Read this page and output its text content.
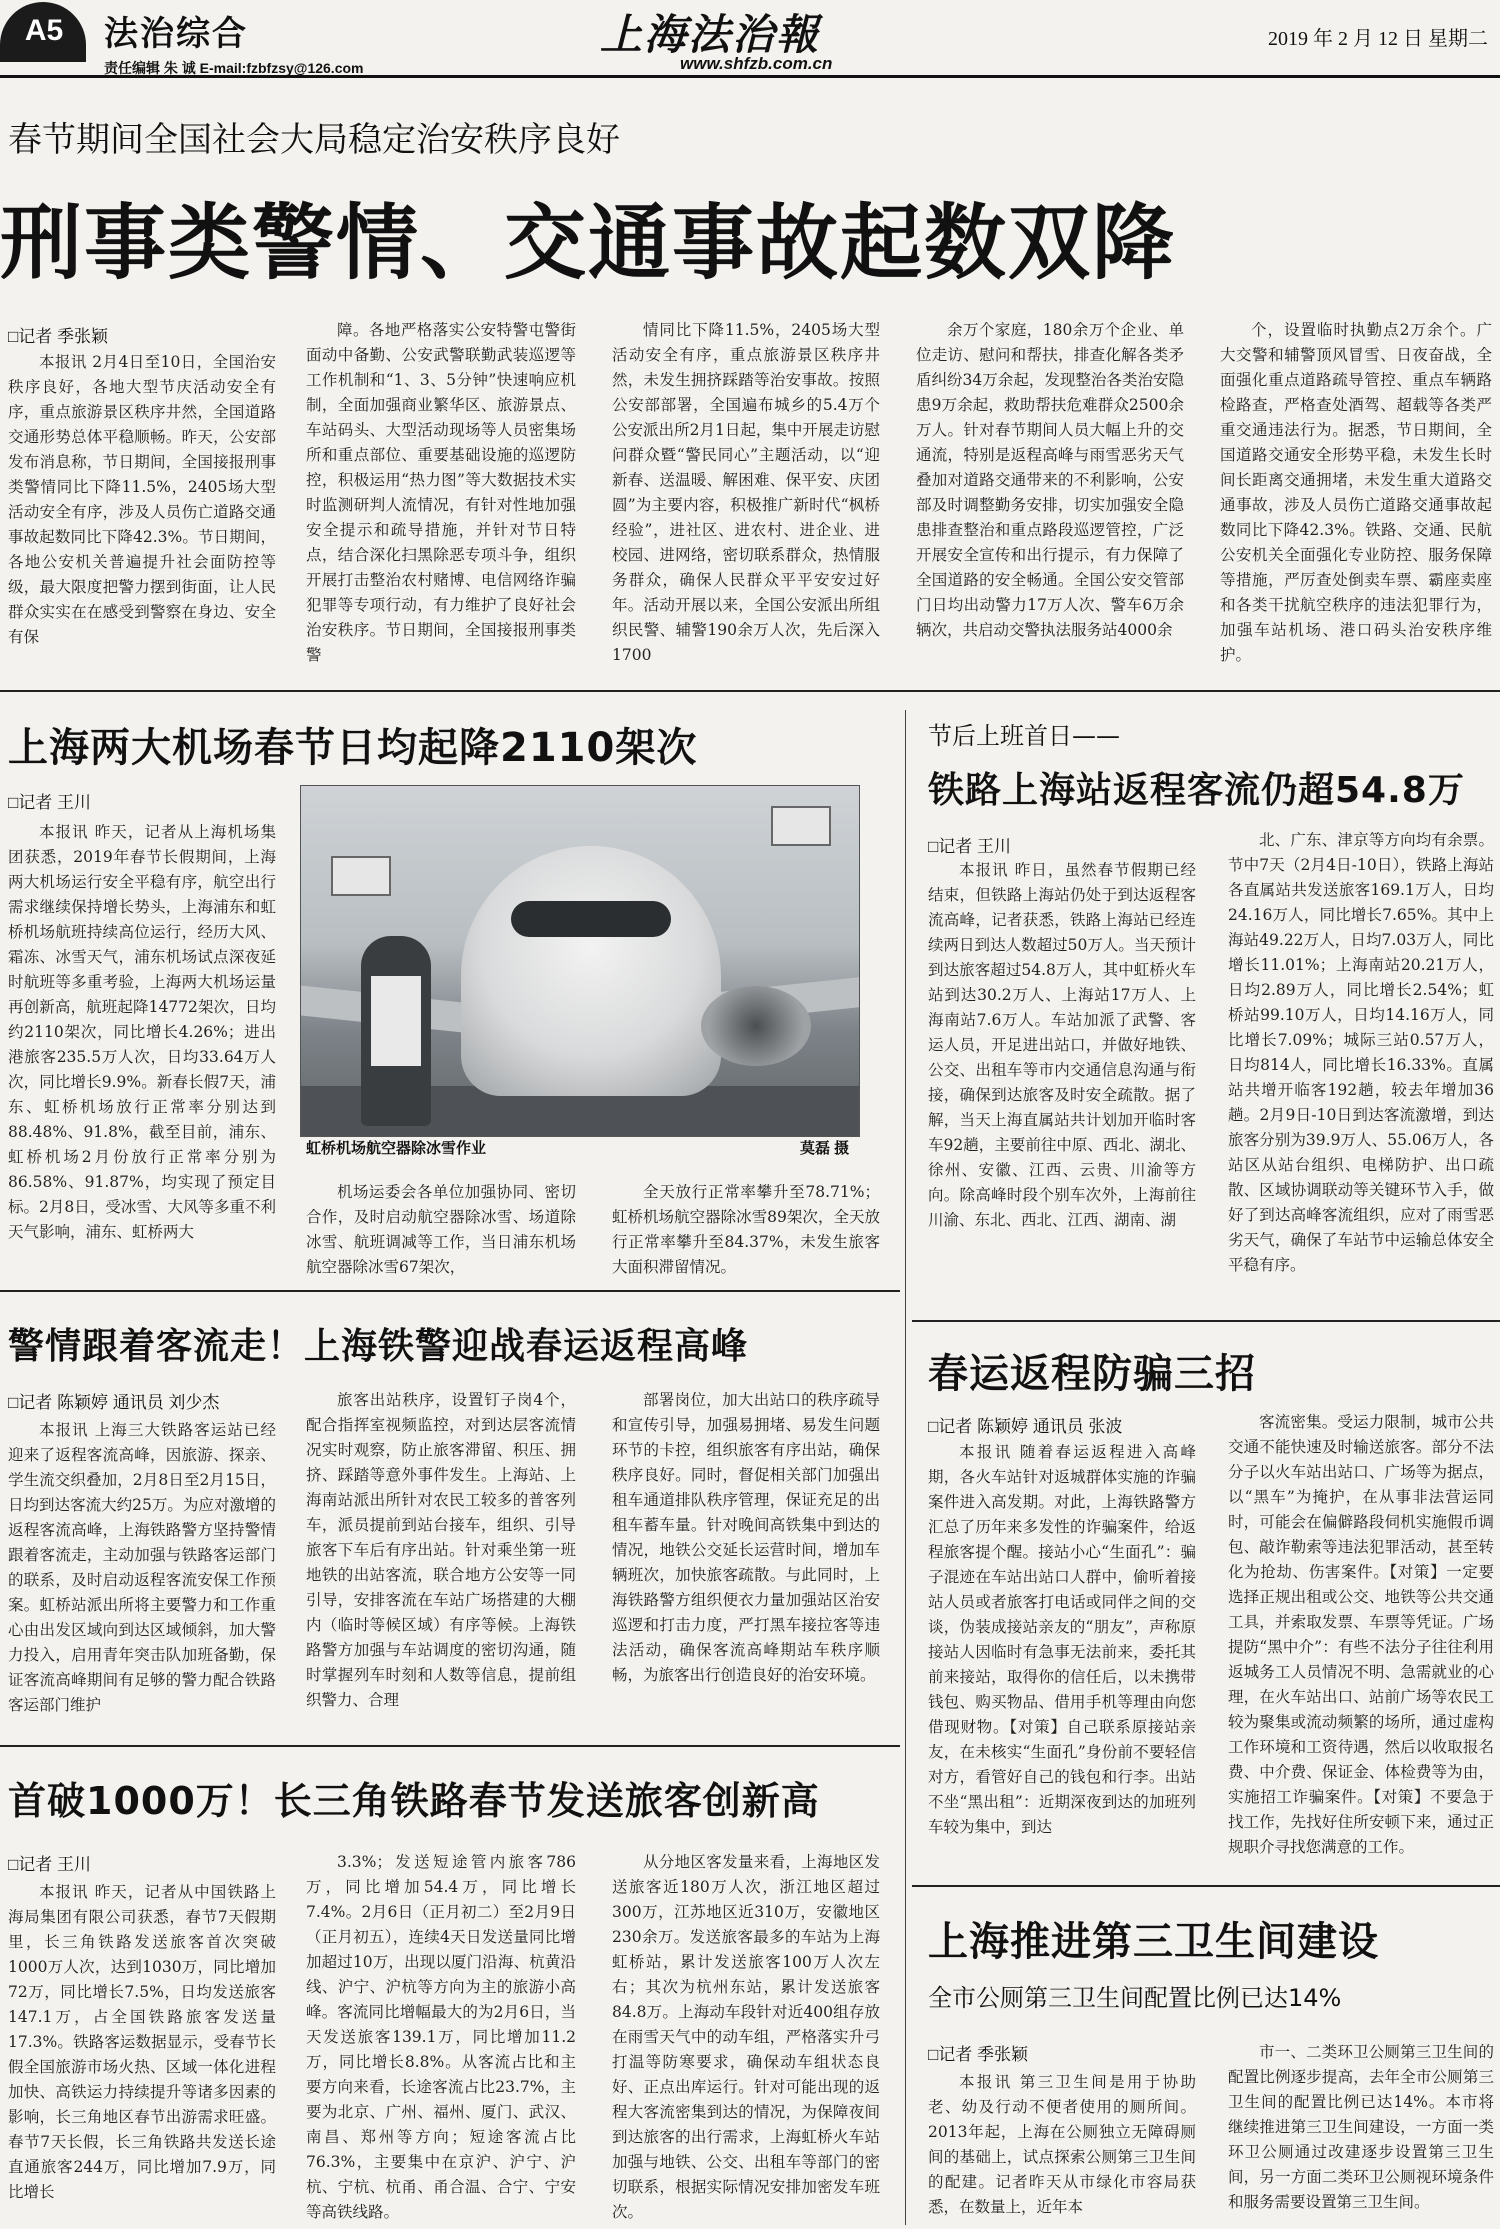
A5	法治综合
责任编辑 朱 诚 E-mail:fzbfzsy@126.com
上海法治報
www.shfzb.com.cn
2019 年 2 月 12 日 星期二
春节期间全国社会大局稳定治安秩序良好
刑事类警情、交通事故起数双降
□记者 季张颖

本报讯 2月4日至10日，全国治安秩序良好，各地大型节庆活动安全有序，重点旅游景区秩序井然，全国道路交通形势总体平稳顺畅。昨天，公安部发布消息称，节日期间，全国接报刑事类警情同比下降11.5%，2405场大型活动安全有序，涉及人员伤亡道路交通事故起数同比下降42.3%。节日期间，各地公安机关普遍提升社会面防控等级，最大限度把警力摆到街面，让人民群众实实在在感受到警察在身边、安全有保

障。各地严格落实公安特警屯警街面动中备勤、公安武警联勤武装巡逻等工作机制和“1、3、5分钟”快速响应机制，全面加强商业繁华区、旅游景点、车站码头、大型活动现场等人员密集场所和重点部位、重要基础设施的巡逻防控，积极运用“热力图”等大数据技术实时监测研判人流情况，有针对性地加强安全提示和疏导措施，并针对节日特点，结合深化扫黑除恶专项斗争，组织开展打击整治农村赌博、电信网络诈骗犯罪等专项行动，有力维护了良好社会治安秩序。节日期间，全国接报刑事类警

情同比下降11.5%，2405场大型活动安全有序，重点旅游景区秩序井然，未发生拥挤踩踏等治安事故。按照公安部部署，全国遍布城乡的5.4万个公安派出所2月1日起，集中开展走访慰问群众暨“警民同心”主题活动，以“迎新春、送温暖、解困难、保平安、庆团圆”为主要内容，积极推广新时代“枫桥经验”，进社区、进农村、进企业、进校园、进网络，密切联系群众，热情服务群众，确保人民群众平平安安过好年。活动开展以来，全国公安派出所组织民警、辅警190余万人次，先后深入1700

余万个家庭，180余万个企业、单位走访、慰问和帮扶，排查化解各类矛盾纠纷34万余起，发现整治各类治安隐患9万余起，救助帮扶危难群众2500余万人。针对春节期间人员大幅上升的交通流，特别是返程高峰与雨雪恶劣天气叠加对道路交通带来的不利影响，公安部及时调整勤务安排，切实加强安全隐患排查整治和重点路段巡逻管控，广泛开展安全宣传和出行提示，有力保障了全国道路的安全畅通。全国公安交管部门日均出动警力17万人次、警车6万余辆次，共启动交警执法服务站4000余

个，设置临时执勤点2万余个。广大交警和辅警顶风冒雪、日夜奋战，全面强化重点道路疏导管控、重点车辆路检路查，严格查处酒驾、超载等各类严重交通违法行为。据悉，节日期间，全国道路交通安全形势平稳，未发生长时间长距离交通拥堵，未发生重大道路交通事故，涉及人员伤亡道路交通事故起数同比下降42.3%。铁路、交通、民航公安机关全面强化专业防控、服务保障等措施，严厉查处倒卖车票、霸座卖座和各类干扰航空秩序的违法犯罪行为，加强车站机场、港口码头治安秩序维护。

上海两大机场春节日均起降2110架次
□记者 王川

本报讯 昨天，记者从上海机场集团获悉，2019年春节长假期间，上海两大机场运行安全平稳有序，航空出行需求继续保持增长势头，上海浦东和虹桥机场航班持续高位运行，经历大风、霜冻、冰雪天气，浦东机场试点深夜延时航班等多重考验，上海两大机场运量再创新高，航班起降14772架次，日均约2110架次，同比增长4.26%；进出港旅客235.5万人次，日均33.64万人次，同比增长9.9%。新春长假7天，浦东、虹桥机场放行正常率分别达到88.48%、91.8%，截至目前，浦东、虹桥机场2月份放行正常率分别为86.58%、91.87%，均实现了预定目标。2月8日，受冰雪、大风等多重不利天气影响，浦东、虹桥两大

虹桥机场航空器除冰雪作业	莫磊 摄

机场运委会各单位加强协同、密切合作，及时启动航空器除冰雪、场道除冰雪、航班调减等工作，当日浦东机场航空器除冰雪67架次，

全天放行正常率攀升至78.71%；虹桥机场航空器除冰雪89架次，全天放行正常率攀升至84.37%，未发生旅客大面积滞留情况。

节后上班首日——
铁路上海站返程客流仍超54.8万
□记者 王川

本报讯 昨日，虽然春节假期已经结束，但铁路上海站仍处于到达返程客流高峰，记者获悉，铁路上海站已经连续两日到达人数超过50万人。当天预计到达旅客超过54.8万人，其中虹桥火车站到达30.2万人、上海站17万人、上海南站7.6万人。车站加派了武警、客运人员，开足进出站口，并做好地铁、公交、出租车等市内交通信息沟通与衔接，确保到达旅客及时安全疏散。据了解，当天上海直属站共计划加开临时客车92趟，主要前往中原、西北、湖北、徐州、安徽、江西、云贵、川渝等方向。除高峰时段个别车次外，上海前往川渝、东北、西北、江西、湖南、湖

北、广东、津京等方向均有余票。节中7天（2月4日-10日），铁路上海站各直属站共发送旅客169.1万人，日均24.16万人，同比增长7.65%。其中上海站49.22万人，日均7.03万人，同比增长11.01%；上海南站20.21万人，日均2.89万人，同比增长2.54%；虹桥站99.10万人，日均14.16万人，同比增长7.09%；城际三站0.57万人，日均814人，同比增长16.33%。直属站共增开临客192趟，较去年增加36趟。2月9日-10日到达客流激增，到达旅客分别为39.9万人、55.06万人，各站区从站台组织、电梯防护、出口疏散、区域协调联动等关键环节入手，做好了到达高峰客流组织，应对了雨雪恶劣天气，确保了车站节中运输总体安全平稳有序。

警情跟着客流走！上海铁警迎战春运返程高峰
□记者 陈颖婷 通讯员 刘少杰

本报讯 上海三大铁路客运站已经迎来了返程客流高峰，因旅游、探亲、学生流交织叠加，2月8日至2月15日，日均到达客流大约25万。为应对激增的返程客流高峰，上海铁路警方坚持警情跟着客流走，主动加强与铁路客运部门的联系，及时启动返程客流安保工作预案。虹桥站派出所将主要警力和工作重心由出发区域向到达区域倾斜，加大警力投入，启用青年突击队加班备勤，保证客流高峰期间有足够的警力配合铁路客运部门维护

旅客出站秩序，设置钉子岗4个，配合指挥室视频监控，对到达层客流情况实时观察，防止旅客滞留、积压、拥挤、踩踏等意外事件发生。上海站、上海南站派出所针对农民工较多的普客列车，派员提前到站台接车，组织、引导旅客下车后有序出站。针对乘坐第一班地铁的出站客流，联合地方公安等一同引导，安排客流在车站广场搭建的大棚内（临时等候区域）有序等候。上海铁路警方加强与车站调度的密切沟通，随时掌握列车时刻和人数等信息，提前组织警力、合理

部署岗位，加大出站口的秩序疏导和宣传引导，加强易拥堵、易发生问题环节的卡控，组织旅客有序出站，确保秩序良好。同时，督促相关部门加强出租车通道排队秩序管理，保证充足的出租车蓄车量。针对晚间高铁集中到达的情况，地铁公交延长运营时间，增加车辆班次，加快旅客疏散。与此同时，上海铁路警方组织便衣力量加强站区治安巡逻和打击力度，严打黑车接拉客等违法活动，确保客流高峰期站车秩序顺畅，为旅客出行创造良好的治安环境。

春运返程防骗三招
□记者 陈颖婷 通讯员 张波

本报讯 随着春运返程进入高峰期，各火车站针对返城群体实施的诈骗案件进入高发期。对此，上海铁路警方汇总了历年来多发性的诈骗案件，给返程旅客提个醒。接站小心“生面孔”：骗子混迹在车站出站口人群中，偷听着接站人员或者旅客打电话或同伴之间的交谈，伪装成接站亲友的“朋友”，声称原接站人因临时有急事无法前来，委托其前来接站，取得你的信任后，以未携带钱包、购买物品、借用手机等理由向您借现财物。【对策】自己联系原接站亲友，在未核实“生面孔”身份前不要轻信对方，看管好自己的钱包和行李。出站不坐“黑出租”：近期深夜到达的加班列车较为集中，到达

客流密集。受运力限制，城市公共交通不能快速及时输送旅客。部分不法分子以火车站出站口、广场等为据点，以“黑车”为掩护，在从事非法营运同时，可能会在偏僻路段伺机实施假币调包、敲诈勒索等违法犯罪活动，甚至转化为抢劫、伤害案件。【对策】一定要选择正规出租或公交、地铁等公共交通工具，并索取发票、车票等凭证。广场提防“黑中介”：有些不法分子往往利用返城务工人员情况不明、急需就业的心理，在火车站出口、站前广场等农民工较为聚集或流动频繁的场所，通过虚构工作环境和工资待遇，然后以收取报名费、中介费、保证金、体检费等为由，实施招工诈骗案件。【对策】不要急于找工作，先找好住所安顿下来，通过正规职介寻找您满意的工作。

首破1000万！长三角铁路春节发送旅客创新高
□记者 王川

本报讯 昨天，记者从中国铁路上海局集团有限公司获悉，春节7天假期里，长三角铁路发送旅客首次突破1000万人次，达到1030万，同比增加72万，同比增长7.5%，日均发送旅客147.1万，占全国铁路旅客发送量17.3%。铁路客运数据显示，受春节长假全国旅游市场火热、区域一体化进程加快、高铁运力持续提升等诸多因素的影响，长三角地区春节出游需求旺盛。春节7天长假，长三角铁路共发送长途直通旅客244万，同比增加7.9万，同比增长

3.3%；发送短途管内旅客786万，同比增加54.4万，同比增长7.4%。2月6日（正月初二）至2月9日（正月初五），连续4天日发送量同比增加超过10万，出现以厦门沿海、杭黄沿线、沪宁、沪杭等方向为主的旅游小高峰。客流同比增幅最大的为2月6日，当天发送旅客139.1万，同比增加11.2万，同比增长8.8%。从客流占比和主要方向来看，长途客流占比23.7%，主要为北京、广州、福州、厦门、武汉、南昌、郑州等方向；短途客流占比76.3%，主要集中在京沪、沪宁、沪杭、宁杭、杭甬、甬合温、合宁、宁安等高铁线路。

从分地区客发量来看，上海地区发送旅客近180万人次，浙江地区超过300万，江苏地区近310万，安徽地区230余万。发送旅客最多的车站为上海虹桥站，累计发送旅客100万人次左右；其次为杭州东站，累计发送旅客84.8万。上海动车段针对近400组存放在雨雪天气中的动车组，严格落实升弓打温等防寒要求，确保动车组状态良好、正点出库运行。针对可能出现的返程大客流密集到达的情况，为保障夜间到达旅客的出行需求，上海虹桥火车站加强与地铁、公交、出租车等部门的密切联系，根据实际情况安排加密发车班次。

上海推进第三卫生间建设
全市公厕第三卫生间配置比例已达14%
□记者 季张颖

本报讯 第三卫生间是用于协助老、幼及行动不便者使用的厕所间。2013年起，上海在公厕独立无障碍厕间的基础上，试点探索公厕第三卫生间的配建。记者昨天从市绿化市容局获悉，在数量上，近年本

市一、二类环卫公厕第三卫生间的配置比例逐步提高，去年全市公厕第三卫生间的配置比例已达14%。本市将继续推进第三卫生间建设，一方面一类环卫公厕通过改建逐步设置第三卫生间，另一方面二类环卫公厕视环境条件和服务需要设置第三卫生间。
